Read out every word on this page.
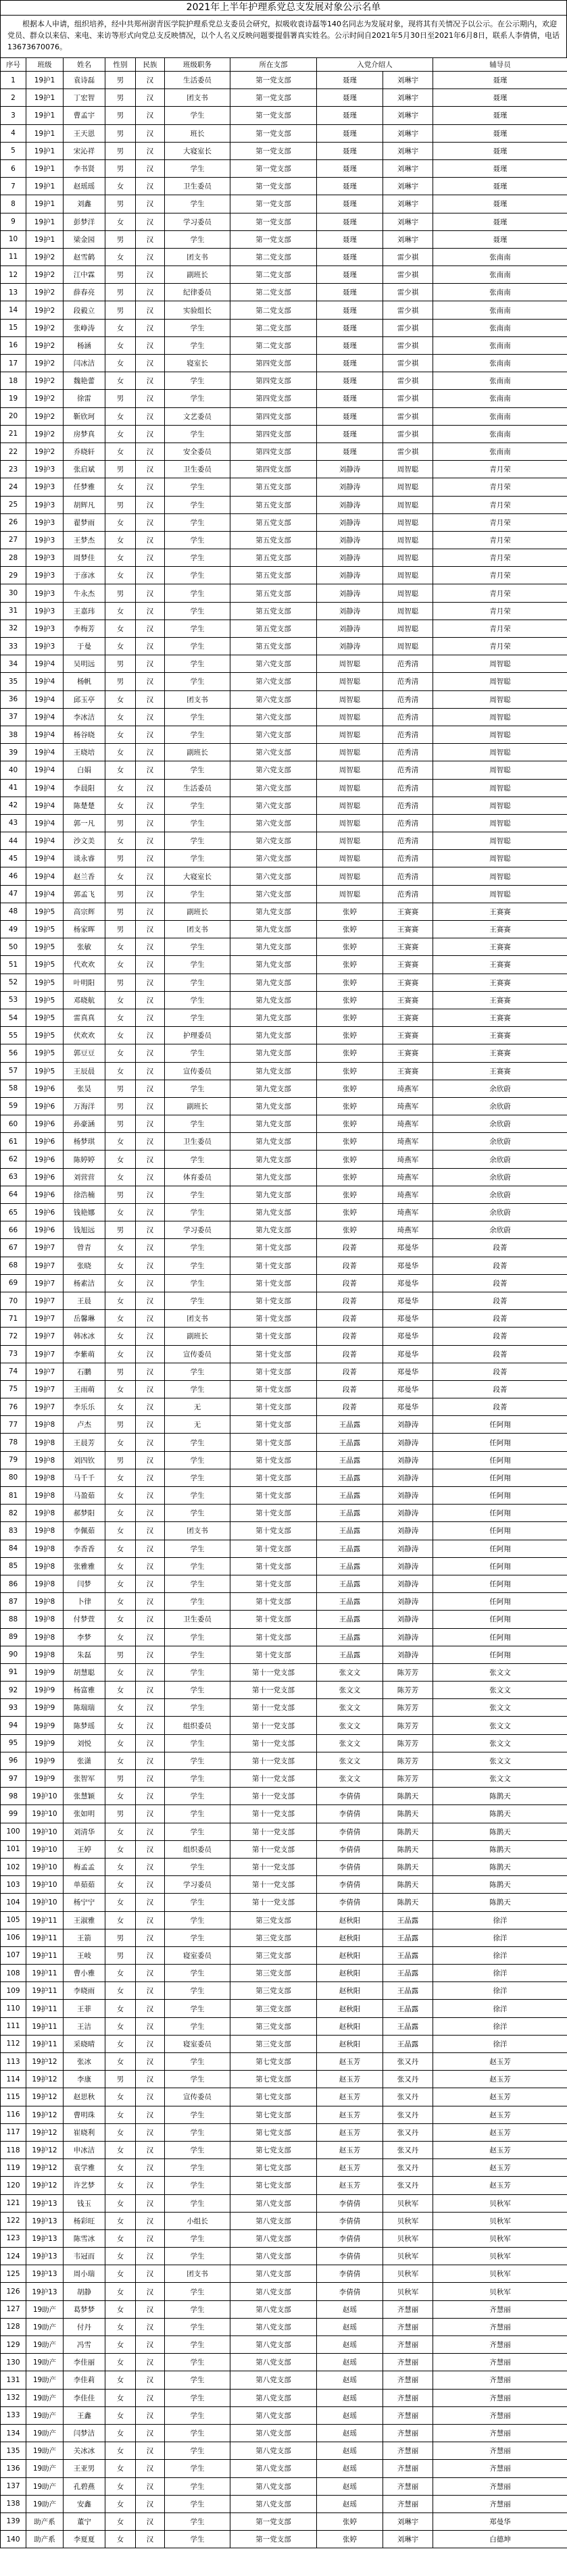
2021年上半年护理系党总支发展对象公示名单
根据本人申请，组织培养，经中共郑州澍青医学院护理系党总支委员会研究，拟吸收袁诗磊等140名同志为发展对象，现将其有关情况予以公示。在公示期内，欢迎党员、群众以来信、来电、来访等形式向党总支反映情况，以个人名义反映问题要提倡署真实姓名。公示时间自2021年5月30日至2021年6月8日，联系人李倩倩，电话13673670076。
序号	班级	姓名	性别	民族	班级职务	所在支部	入党介绍人		辅导员
1	19护1	袁诗磊	男	汉	生活委员	第一党支部	聂瑾	刘琳宇	聂瑾
2	19护1	丁宏智	男	汉	团支书	第一党支部	聂瑾	刘琳宇	聂瑾
3	19护1	曹孟宇	男	汉	学生	第一党支部	聂瑾	刘琳宇	聂瑾
4	19护1	王天恩	男	汉	班长	第一党支部	聂瑾	刘琳宇	聂瑾
5	19护1	宋沁祥	男	汉	大寝室长	第一党支部	聂瑾	刘琳宇	聂瑾
6	19护1	李书贤	男	汉	学生	第一党支部	聂瑾	刘琳宇	聂瑾
7	19护1	赵瑶瑶	女	汉	卫生委员	第一党支部	聂瑾	刘琳宇	聂瑾
8	19护1	刘鑫	男	汉	学生	第一党支部	聂瑾	刘琳宇	聂瑾
9	19护1	彭梦洋	女	汉	学习委员	第一党支部	聂瑾	刘琳宇	聂瑾
10	19护1	梁金园	男	汉	学生	第一党支部	聂瑾	刘琳宇	聂瑾
11	19护2	赵雪鹤	女	汉	团支书	第二党支部	聂瑾	雷少祺	张南南
12	19护2	江中霖	男	汉	副班长	第二党支部	聂瑾	雷少祺	张南南
13	19护2	薛春亮	男	汉	纪律委员	第二党支部	聂瑾	雷少祺	张南南
14	19护2	段毅立	男	汉	实验组长	第二党支部	聂瑾	雷少祺	张南南
15	19护2	张峥涛	女	汉	学生	第二党支部	聂瑾	雷少祺	张南南
16	19护2	杨涵	女	汉	学生	第二党支部	聂瑾	雷少祺	张南南
17	19护2	闫冰洁	女	汉	寝室长	第四党支部	聂瑾	雷少祺	张南南
18	19护2	魏艳蕾	女	汉	学生	第四党支部	聂瑾	雷少祺	张南南
19	19护2	徐雷	男	汉	学生	第四党支部	聂瑾	雷少祺	张南南
20	19护2	靳欣珂	女	汉	文艺委员	第四党支部	聂瑾	雷少祺	张南南
21	19护2	房梦真	女	汉	学生	第四党支部	聂瑾	雷少祺	张南南
22	19护2	乔晓轩	女	汉	安全委员	第四党支部	聂瑾	雷少祺	张南南
23	19护3	张启斌	男	汉	卫生委员	第四党支部	刘静涛	周智聪	青月荣
24	19护3	任梦雅	女	汉	学生	第五党支部	刘静涛	周智聪	青月荣
25	19护3	胡辉凡	男	汉	学生	第五党支部	刘静涛	周智聪	青月荣
26	19护3	翟梦雨	女	汉	学生	第五党支部	刘静涛	周智聪	青月荣
27	19护3	王梦杰	女	汉	学生	第五党支部	刘静涛	周智聪	青月荣
28	19护3	周梦佳	女	汉	学生	第五党支部	刘静涛	周智聪	青月荣
29	19护3	于彦冰	女	汉	学生	第五党支部	刘静涛	周智聪	青月荣
30	19护3	牛永杰	男	汉	学生	第五党支部	刘静涛	周智聪	青月荣
31	19护3	王嘉玮	女	汉	学生	第五党支部	刘静涛	周智聪	青月荣
32	19护3	李梅芳	女	汉	学生	第五党支部	刘静涛	周智聪	青月荣
33	19护3	于曼	女	汉	学生	第五党支部	刘静涛	周智聪	青月荣
34	19护4	吴明远	男	汉	学生	第六党支部	周智聪	范秀清	周智聪
35	19护4	杨帆	男	汉	学生	第六党支部	周智聪	范秀清	周智聪
36	19护4	邱玉亭	女	汉	团支书	第六党支部	周智聪	范秀清	周智聪
37	19护4	李冰洁	女	汉	学生	第六党支部	周智聪	范秀清	周智聪
38	19护4	杨谷晓	女	汉	学生	第六党支部	周智聪	范秀清	周智聪
39	19护4	王晓培	女	汉	副班长	第六党支部	周智聪	范秀清	周智聪
40	19护4	白娟	女	汉	学生	第六党支部	周智聪	范秀清	周智聪
41	19护4	李晨阳	女	汉	生活委员	第六党支部	周智聪	范秀清	周智聪
42	19护4	陈楚楚	女	汉	学生	第六党支部	周智聪	范秀清	周智聪
43	19护4	郭一凡	男	汉	学生	第六党支部	周智聪	范秀清	周智聪
44	19护4	沙文美	女	汉	学生	第六党支部	周智聪	范秀清	周智聪
45	19护4	谈永睿	男	汉	学生	第六党支部	周智聪	范秀清	周智聪
46	19护4	赵兰香	女	汉	大寝室长	第六党支部	周智聪	范秀清	周智聪
47	19护4	郭孟飞	男	汉	学生	第六党支部	周智聪	范秀清	周智聪
48	19护5	高宗辉	男	汉	副班长	第九党支部	张婷	王赛赛	王赛赛
49	19护5	杨家晖	男	汉	团支书	第九党支部	张婷	王赛赛	王赛赛
50	19护5	张敏	女	汉	学生	第九党支部	张婷	王赛赛	王赛赛
51	19护5	代欢欢	女	汉	学生	第九党支部	张婷	王赛赛	王赛赛
52	19护5	叶明阳	男	汉	学生	第九党支部	张婷	王赛赛	王赛赛
53	19护5	邓晓航	女	汉	学生	第九党支部	张婷	王赛赛	王赛赛
54	19护5	雷真真	女	汉	学生	第九党支部	张婷	王赛赛	王赛赛
55	19护5	伏欢欢	女	汉	护理委员	第九党支部	张婷	王赛赛	王赛赛
56	19护5	郭豆豆	女	汉	学生	第九党支部	张婷	王赛赛	王赛赛
57	19护5	王辰晨	女	汉	宣传委员	第九党支部	张婷	王赛赛	王赛赛
58	19护6	张昊	男	汉	学生	第九党支部	张婷	琦燕军	余欣蔚
59	19护6	万海洋	男	汉	副班长	第九党支部	张婷	琦燕军	余欣蔚
60	19护6	孙豪涵	男	汉	学生	第九党支部	张婷	琦燕军	余欣蔚
61	19护6	杨梦琪	女	汉	卫生委员	第九党支部	张婷	琦燕军	余欣蔚
62	19护6	陈婷婷	女	汉	学生	第九党支部	张婷	琦燕军	余欣蔚
63	19护6	刘营营	女	汉	体育委员	第九党支部	张婷	琦燕军	余欣蔚
64	19护6	徐浩楠	男	汉	学生	第九党支部	张婷	琦燕军	余欣蔚
65	19护6	钱艳娜	女	汉	学生	第九党支部	张婷	琦燕军	余欣蔚
66	19护6	钱旭远	男	汉	学习委员	第九党支部	张婷	琦燕军	余欣蔚
67	19护7	曾青	女	汉	学生	第十党支部	段菁	郑曼华	段菁
68	19护7	张晓	女	汉	学生	第十党支部	段菁	郑曼华	段菁
69	19护7	杨素洁	女	汉	学生	第十党支部	段菁	郑曼华	段菁
70	19护7	王晨	女	汉	学生	第十党支部	段菁	郑曼华	段菁
71	19护7	岳馨琳	女	汉	团支书	第十党支部	段菁	郑曼华	段菁
72	19护7	韩冰冰	女	汉	副班长	第十党支部	段菁	郑曼华	段菁
73	19护7	李紫萌	女	汉	宣传委员	第十党支部	段菁	郑曼华	段菁
74	19护7	石鹏	男	汉	学生	第十党支部	段菁	郑曼华	段菁
75	19护7	王雨萌	女	汉	学生	第十党支部	段菁	郑曼华	段菁
76	19护7	李乐乐	女	汉	无	第十党支部	段菁	郑曼华	段菁
77	19护8	卢杰	男	汉	无	第十党支部	王晶露	刘静涛	任阿翔
78	19护8	王晨芳	女	汉	学生	第十党支部	王晶露	刘静涛	任阿翔
79	19护8	刘四钦	男	汉	学生	第十党支部	王晶露	刘静涛	任阿翔
80	19护8	马千千	女	汉	学生	第十党支部	王晶露	刘静涛	任阿翔
81	19护8	马盈茹	女	汉	学生	第十党支部	王晶露	刘静涛	任阿翔
82	19护8	郝梦阳	女	汉	学生	第十党支部	王晶露	刘静涛	任阿翔
83	19护8	李佩茹	女	汉	团支书	第十党支部	王晶露	刘静涛	任阿翔
84	19护8	李香香	女	汉	学生	第十党支部	王晶露	刘静涛	任阿翔
85	19护8	张雅雅	女	汉	学生	第十党支部	王晶露	刘静涛	任阿翔
86	19护8	闫梦	女	汉	学生	第十党支部	王晶露	刘静涛	任阿翔
87	19护8	卜律	女	汉	学生	第十党支部	王晶露	刘静涛	任阿翔
88	19护8	付梦萱	女	汉	卫生委员	第十党支部	王晶露	刘静涛	任阿翔
89	19护8	李梦	女	汉	学生	第十党支部	王晶露	刘静涛	任阿翔
90	19护8	朱磊	男	汉	学生	第十党支部	王晶露	刘静涛	任阿翔
91	19护9	胡慧聪	女	汉	学生	第十一党支部	张文文	陈芳芳	张文文
92	19护9	杨富雅	女	汉	学生	第十一党支部	张文文	陈芳芳	张文文
93	19护9	陈瑞瑞	女	汉	学生	第十一党支部	张文文	陈芳芳	张文文
94	19护9	陈梦瑶	女	汉	组织委员	第十一党支部	张文文	陈芳芳	张文文
95	19护9	刘悦	女	汉	学生	第十一党支部	张文文	陈芳芳	张文文
96	19护9	张潇	女	汉	学生	第十一党支部	张文文	陈芳芳	张文文
97	19护9	张智军	男	汉	学生	第十一党支部	张文文	陈芳芳	张文文
98	19护10	张慧颖	女	汉	学生	第十一党支部	李倩倩	陈鹊天	陈鹊天
99	19护10	张如明	男	汉	学生	第十一党支部	李倩倩	陈鹊天	陈鹊天
100	19护10	刘清华	女	汉	学生	第十一党支部	李倩倩	陈鹊天	陈鹊天
101	19护10	王婷	女	汉	组织委员	第十一党支部	李倩倩	陈鹊天	陈鹊天
102	19护10	梅孟孟	女	汉	学生	第十一党支部	李倩倩	陈鹊天	陈鹊天
103	19护10	单茹茹	女	汉	学习委员	第十一党支部	李倩倩	陈鹊天	陈鹊天
104	19护10	杨宁宁	女	汉	学生	第十一党支部	李倩倩	陈鹊天	陈鹊天
105	19护11	王淑雅	女	汉	学生	第三党支部	赵秋阳	王晶露	徐洋
106	19护11	王箭	男	汉	学生	第三党支部	赵秋阳	王晶露	徐洋
107	19护11	王岐	男	汉	寝室委员	第三党支部	赵秋阳	王晶露	徐洋
108	19护11	曹小雅	女	汉	学生	第三党支部	赵秋阳	王晶露	徐洋
109	19护11	李晓雨	女	汉	学生	第三党支部	赵秋阳	王晶露	徐洋
110	19护11	王菲	女	汉	学生	第三党支部	赵秋阳	王晶露	徐洋
111	19护11	王洁	女	汉	学生	第三党支部	赵秋阳	王晶露	徐洋
112	19护11	采晓晴	女	汉	寝室委员	第三党支部	赵秋阳	王晶露	徐洋
113	19护12	张冰	女	汉	学生	第七党支部	赵玉芳	张又丹	赵玉芳
114	19护12	李康	男	汉	学生	第七党支部	赵玉芳	张又丹	赵玉芳
115	19护12	赵思秋	女	汉	宣传委员	第七党支部	赵玉芳	张又丹	赵玉芳
116	19护12	曹明珠	女	汉	学生	第七党支部	赵玉芳	张又丹	赵玉芳
117	19护12	崔晓利	女	汉	学生	第七党支部	赵玉芳	张又丹	赵玉芳
118	19护12	申冰洁	女	汉	学生	第七党支部	赵玉芳	张又丹	赵玉芳
119	19护12	袁学雅	女	汉	学生	第七党支部	赵玉芳	张又丹	赵玉芳
120	19护12	许艺梦	女	汉	学生	第七党支部	赵玉芳	张又丹	赵玉芳
121	19护13	钱玉	女	汉	学生	第八党支部	李倩倩	贝秋军	贝秋军
122	19护13	杨彩旺	女	汉	小组长	第八党支部	李倩倩	贝秋军	贝秋军
123	19护13	陈雪冰	女	汉	学生	第八党支部	李倩倩	贝秋军	贝秋军
124	19护13	韦冠而	女	汉	学生	第八党支部	李倩倩	贝秋军	贝秋军
125	19护13	周小瑞	女	汉	团支书	第八党支部	李倩倩	贝秋军	贝秋军
126	19护13	胡静	女	汉	学生	第八党支部	李倩倩	贝秋军	贝秋军
127	19助产	葛梦梦	女	汉	学生	第八党支部	赵瑶	齐慧丽	齐慧丽
128	19助产	付丹	女	汉	学生	第八党支部	赵瑶	齐慧丽	齐慧丽
129	19助产	冯雪	女	汉	学生	第八党支部	赵瑶	齐慧丽	齐慧丽
130	19助产	李佳丽	女	汉	学生	第八党支部	赵瑶	齐慧丽	齐慧丽
131	19助产	李佳莉	女	汉	学生	第八党支部	赵瑶	齐慧丽	齐慧丽
132	19助产	李佳佳	女	汉	学生	第八党支部	赵瑶	齐慧丽	齐慧丽
133	19助产	王鑫	女	汉	学生	第八党支部	赵瑶	齐慧丽	齐慧丽
134	19助产	闫梦洁	女	汉	学生	第八党支部	赵瑶	齐慧丽	齐慧丽
135	19助产	关冰冰	女	汉	学生	第八党支部	赵瑶	齐慧丽	齐慧丽
136	19助产	王亚男	女	汉	学生	第八党支部	赵瑶	齐慧丽	齐慧丽
137	19助产	孔碧燕	女	汉	学生	第八党支部	赵瑶	齐慧丽	齐慧丽
138	19助产	安鑫	女	汉	学生	第八党支部	赵瑶	齐慧丽	齐慧丽
139	助产系	董宁	女	汉	学生	第一党支部	张婷	刘琳宇	郑曼华
140	助产系	李夏夏	女	汉	学生	第一党支部	张婷	刘琳宇	白德坤
